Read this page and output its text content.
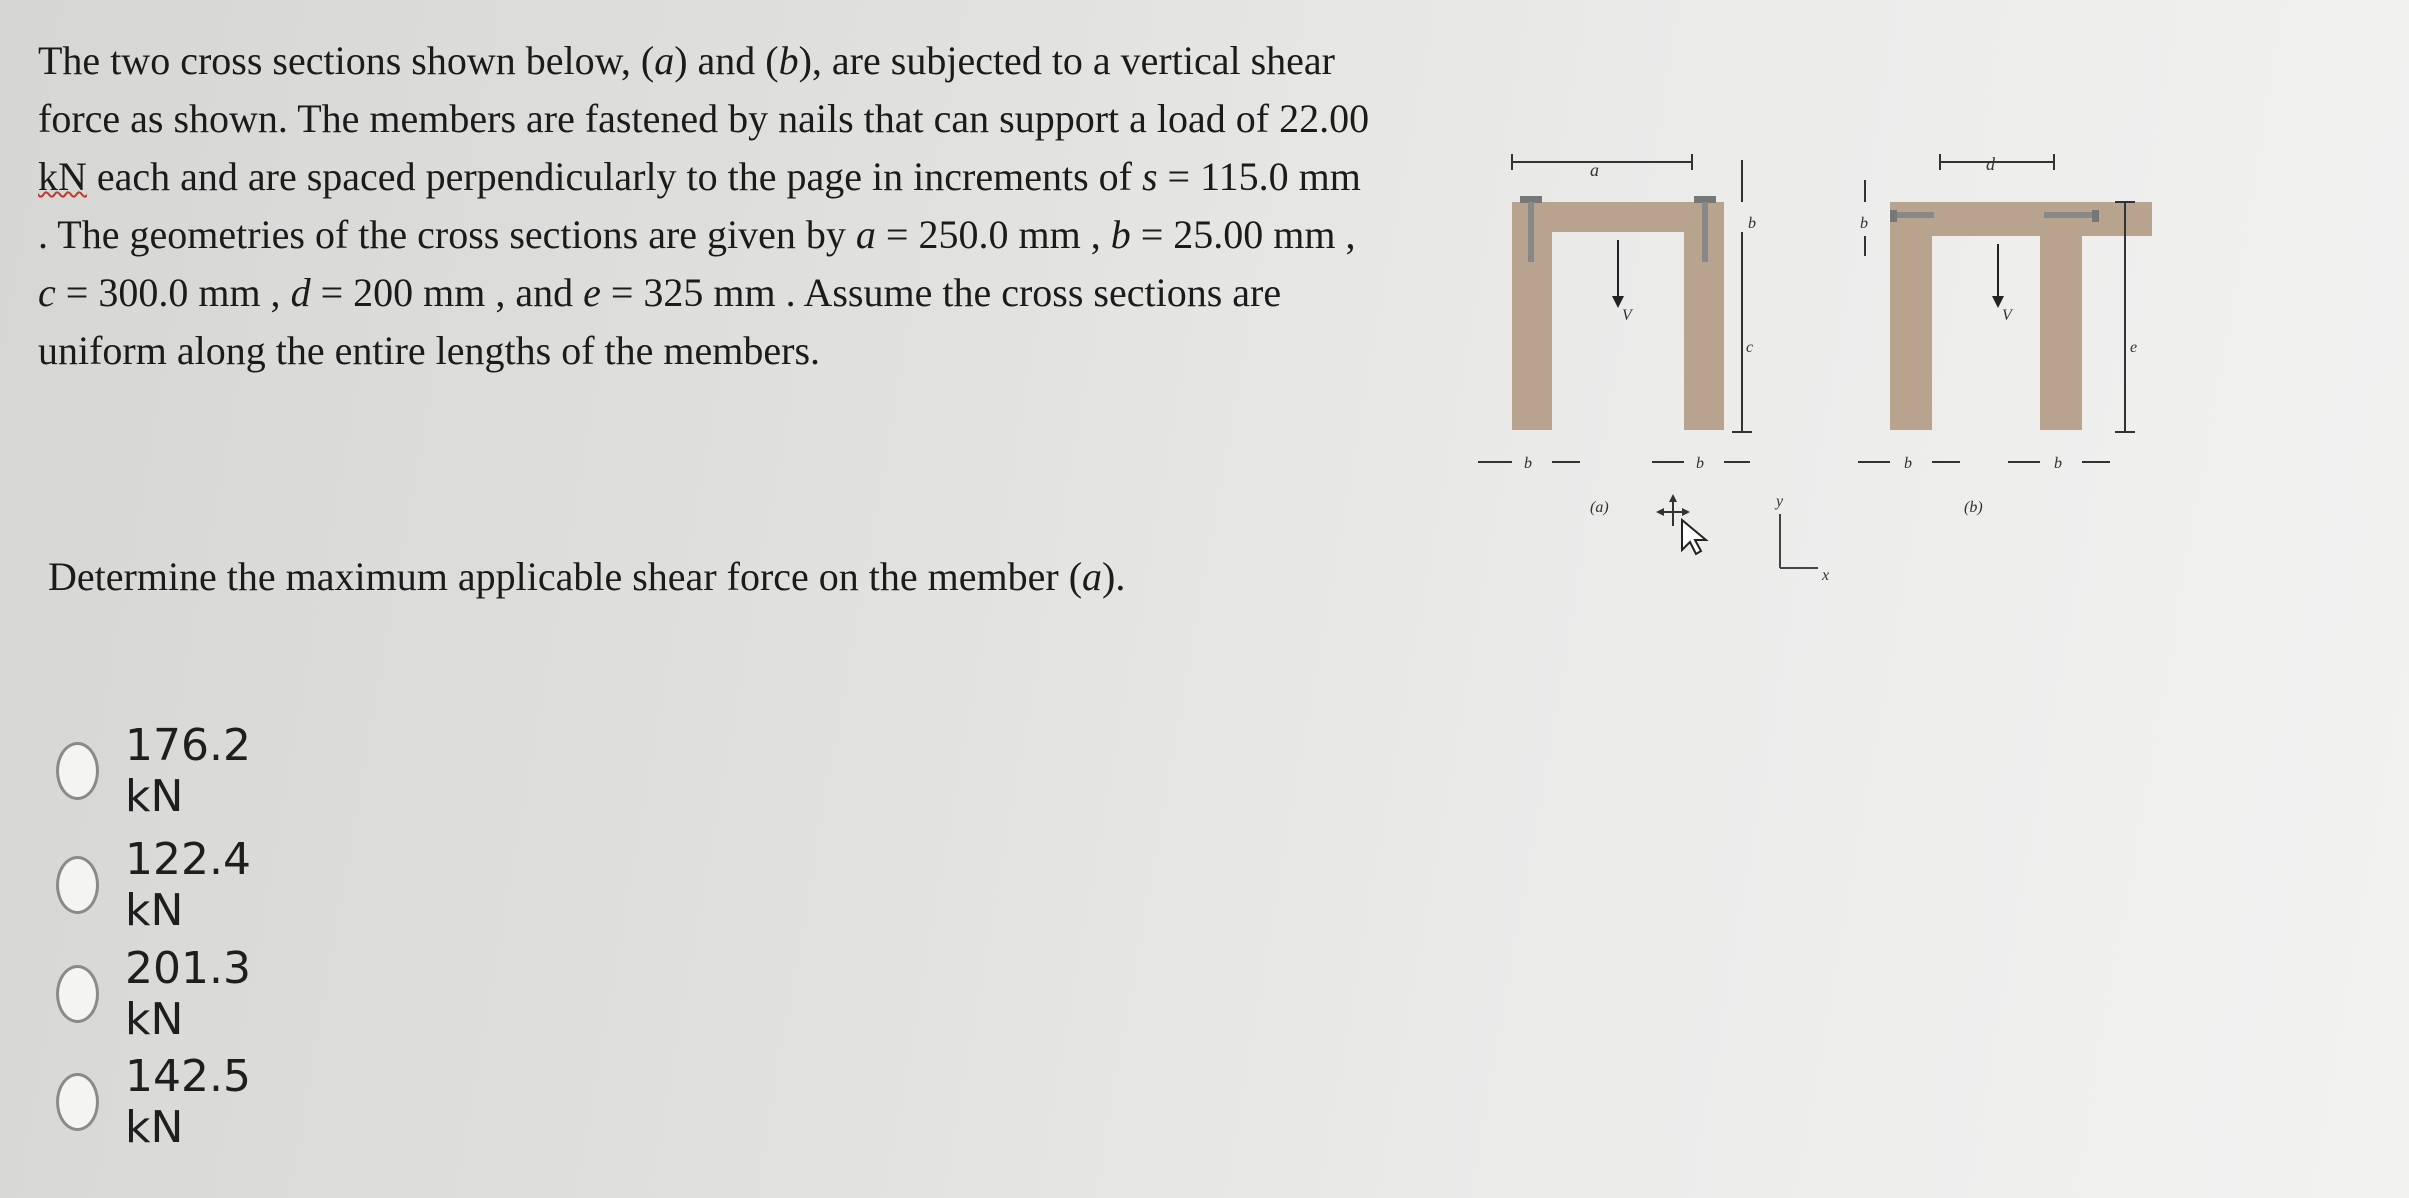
The two cross sections shown below, (a) and (b), are subjected to a vertical shear force as shown. The members are fastened by nails that can support a load of 22.00 kN each and are spaced perpendicularly to the page in increments of s = 115.0 mm . The geometries of the cross sections are given by a = 250.0 mm , b = 25.00 mm , c = 300.0 mm , d = 200 mm , and e = 325 mm . Assume the cross sections are uniform along the entire lengths of the members.

a
b
c
V
b	b
(a)
b
d
e
V
b	b
(b)
y
x

Determine the maximum applicable shear force on the member (a).

176.2 kN
122.4 kN
201.3 kN
142.5 kN
